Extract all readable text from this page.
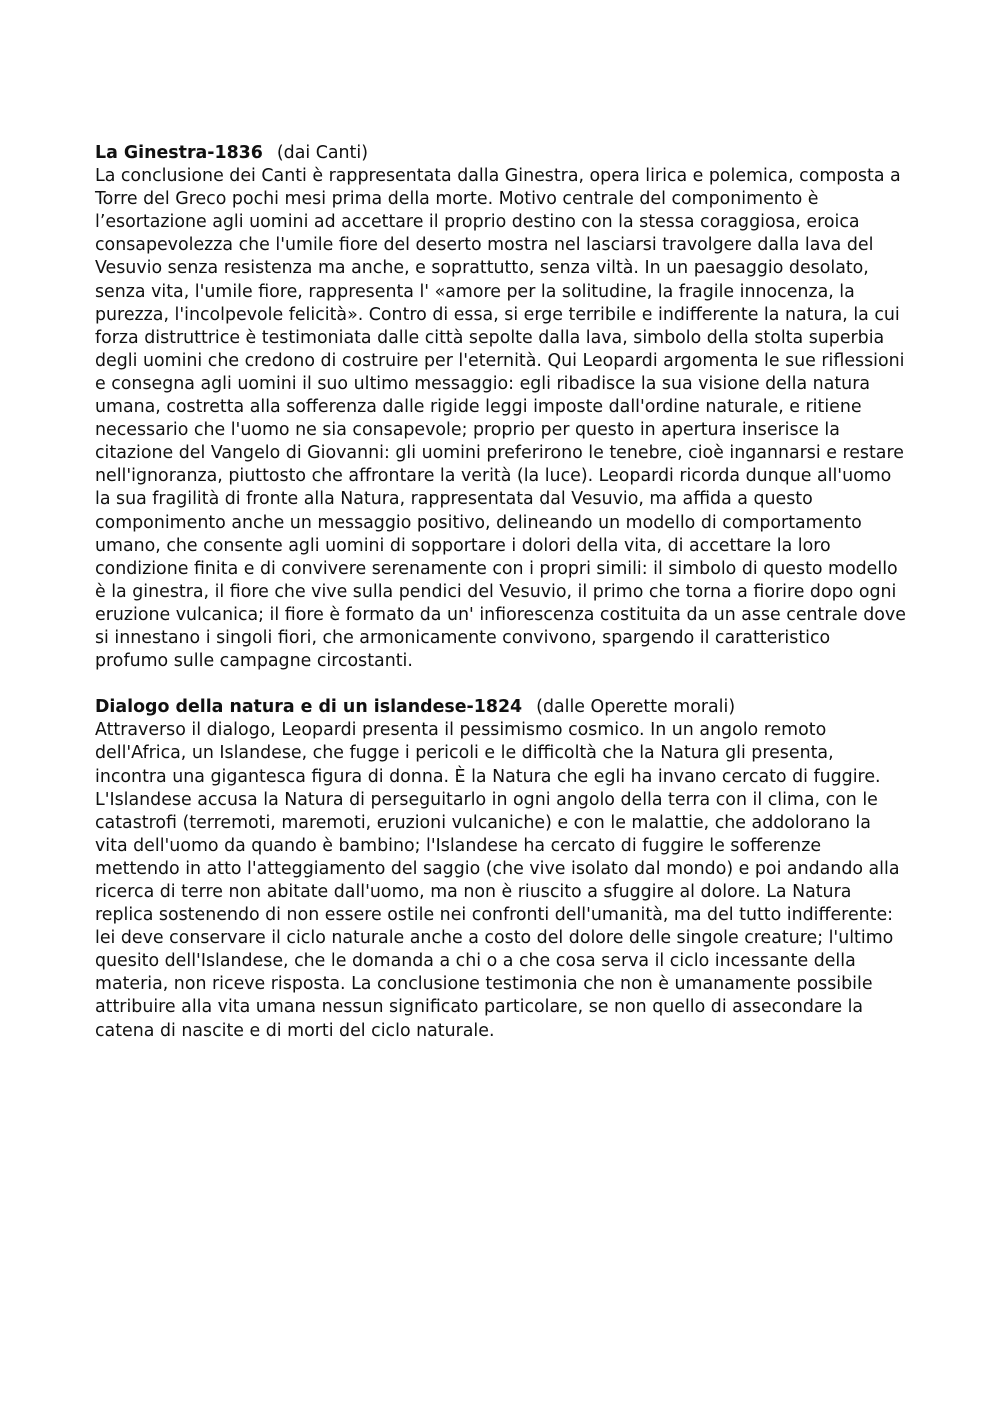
La Ginestra-1836 (dai Canti)

La conclusione dei Canti è rappresentata dalla Ginestra, opera lirica e polemica, composta a Torre del Greco pochi mesi prima della morte. Motivo centrale del componimento è l’esortazione agli uomini ad accettare il proprio destino con la stessa coraggiosa, eroica consapevolezza che l'umile fiore del deserto mostra nel lasciarsi travolgere dalla lava del Vesuvio senza resistenza ma anche, e soprattutto, senza viltà. In un paesaggio desolato, senza vita, l'umile fiore, rappresenta l' «amore per la solitudine, la fragile innocenza, la purezza, l'incolpevole felicità». Contro di essa, si erge terribile e indifferente la natura, la cui forza distruttrice è testimoniata dalle città sepolte dalla lava, simbolo della stolta superbia degli uomini che credono di costruire per l'eternità. Qui Leopardi argomenta le sue riflessioni e consegna agli uomini il suo ultimo messaggio: egli ribadisce la sua visione della natura umana, costretta alla sofferenza dalle rigide leggi imposte dall'ordine naturale, e ritiene necessario che l'uomo ne sia consapevole; proprio per questo in apertura inserisce la citazione del Vangelo di Giovanni: gli uomini preferirono le tenebre, cioè ingannarsi e restare nell'ignoranza, piuttosto che affrontare la verità (la luce). Leopardi ricorda dunque all'uomo la sua fragilità di fronte alla Natura, rappresentata dal Vesuvio, ma affida a questo componimento anche un messaggio positivo, delineando un modello di comportamento umano, che consente agli uomini di sopportare i dolori della vita, di accettare la loro condizione finita e di convivere serenamente con i propri simili: il simbolo di questo modello è la ginestra, il fiore che vive sulla pendici del Vesuvio, il primo che torna a fiorire dopo ogni eruzione vulcanica; il fiore è formato da un' infiorescenza costituita da un asse centrale dove si innestano i singoli fiori, che armonicamente convivono, spargendo il caratteristico profumo sulle campagne circostanti.

Dialogo della natura e di un islandese-1824 (dalle Operette morali)

Attraverso il dialogo, Leopardi presenta il pessimismo cosmico. In un angolo remoto dell'Africa, un Islandese, che fugge i pericoli e le difficoltà che la Natura gli presenta, incontra una gigantesca figura di donna. È la Natura che egli ha invano cercato di fuggire. L'Islandese accusa la Natura di perseguitarlo in ogni angolo della terra con il clima, con le catastrofi (terremoti, maremoti, eruzioni vulcaniche) e con le malattie, che addolorano la vita dell'uomo da quando è bambino; l'Islandese ha cercato di fuggire le sofferenze mettendo in atto l'atteggiamento del saggio (che vive isolato dal mondo) e poi andando alla ricerca di terre non abitate dall'uomo, ma non è riuscito a sfuggire al dolore. La Natura replica sostenendo di non essere ostile nei confronti dell'umanità, ma del tutto indifferente: lei deve conservare il ciclo naturale anche a costo del dolore delle singole creature; l'ultimo quesito dell'Islandese, che le domanda a chi o a che cosa serva il ciclo incessante della materia, non riceve risposta. La conclusione testimonia che non è umanamente possibile attribuire alla vita umana nessun significato particolare, se non quello di assecondare la catena di nascite e di morti del ciclo naturale.
